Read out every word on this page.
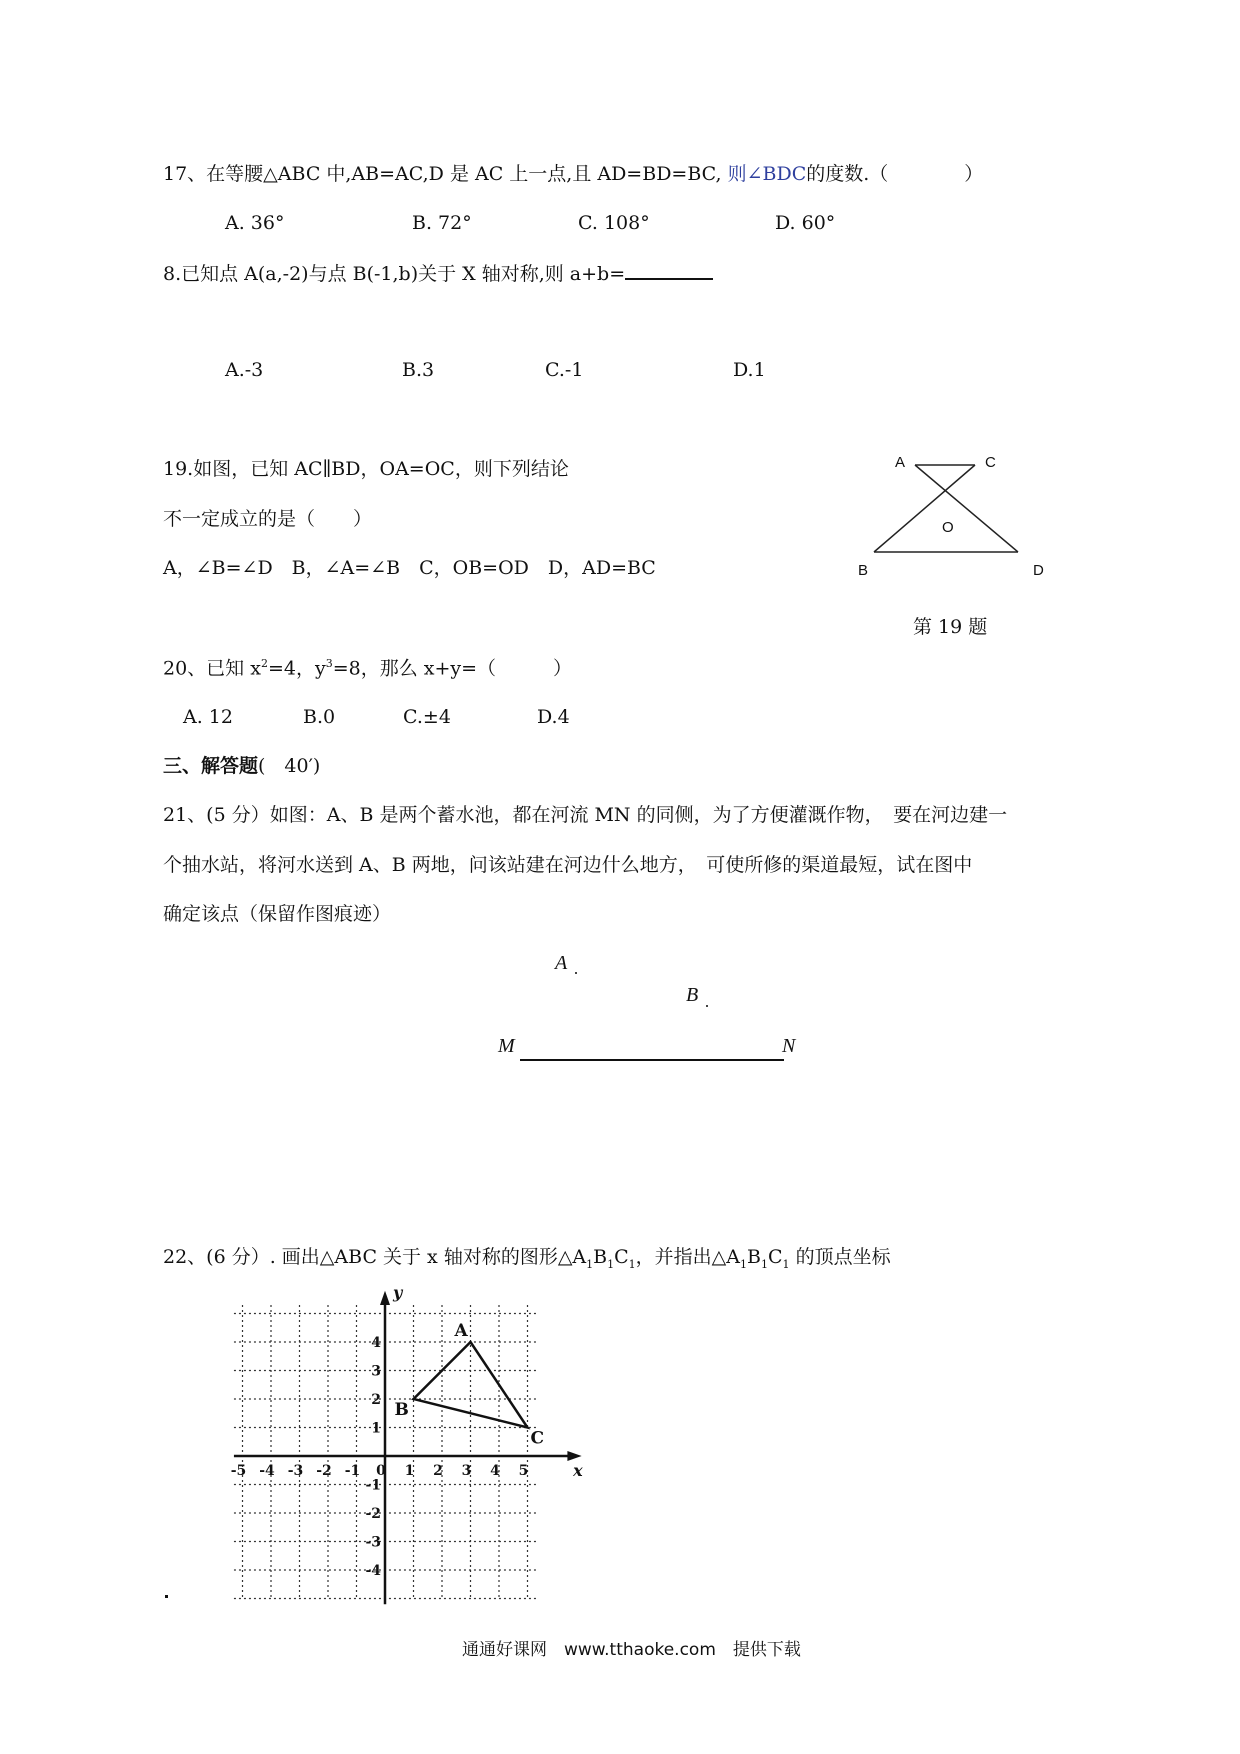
17、在等腰△ABC 中,AB=AC,D 是 AC 上一点,且 AD=BD=BC, 则∠BDC的度数.（　　　　）
A. 36°	B. 72°	C. 108°	D. 60°
8.已知点 A(a,-2)与点 B(-1,b)关于 X 轴对称,则 a+b=
A.-3	B.3	C.-1	D.1
19.如图，已知 AC∥BD，OA=OC，则下列结论
不一定成立的是（　　）
A，∠B=∠D　B，∠A=∠B　C，OB=OD　D，AD=BC
A	C
O
B	D
第 19 题
20、已知 $x^2=4$，$y^3=8$，那么 x+y=（　　　）
A. 12	B.0	C.±4	D.4
三、解答题(　40′)
21、(5 分）如图：A、B 是两个蓄水池，都在河流 MN 的同侧，为了方便灌溉作物，　要在河边建一
个抽水站，将河水送到 A、B 两地，问该站建在河边什么地方，　可使所修的渠道最短，试在图中
确定该点（保留作图痕迹）
A
B
M	N
22、(6 分）. 画出△ABC 关于 x 轴对称的图形$\triangle A_1B_1C_1$，并指出$\triangle A_1B_1C_1$ 的顶点坐标
-5 -4 -3 -2 -1 0 1 2 3 4 5
4
3
2
1
-1
-2
-3
-4
x
y
A
B
C
通通好课网　www.tthaoke.com　提供下载
